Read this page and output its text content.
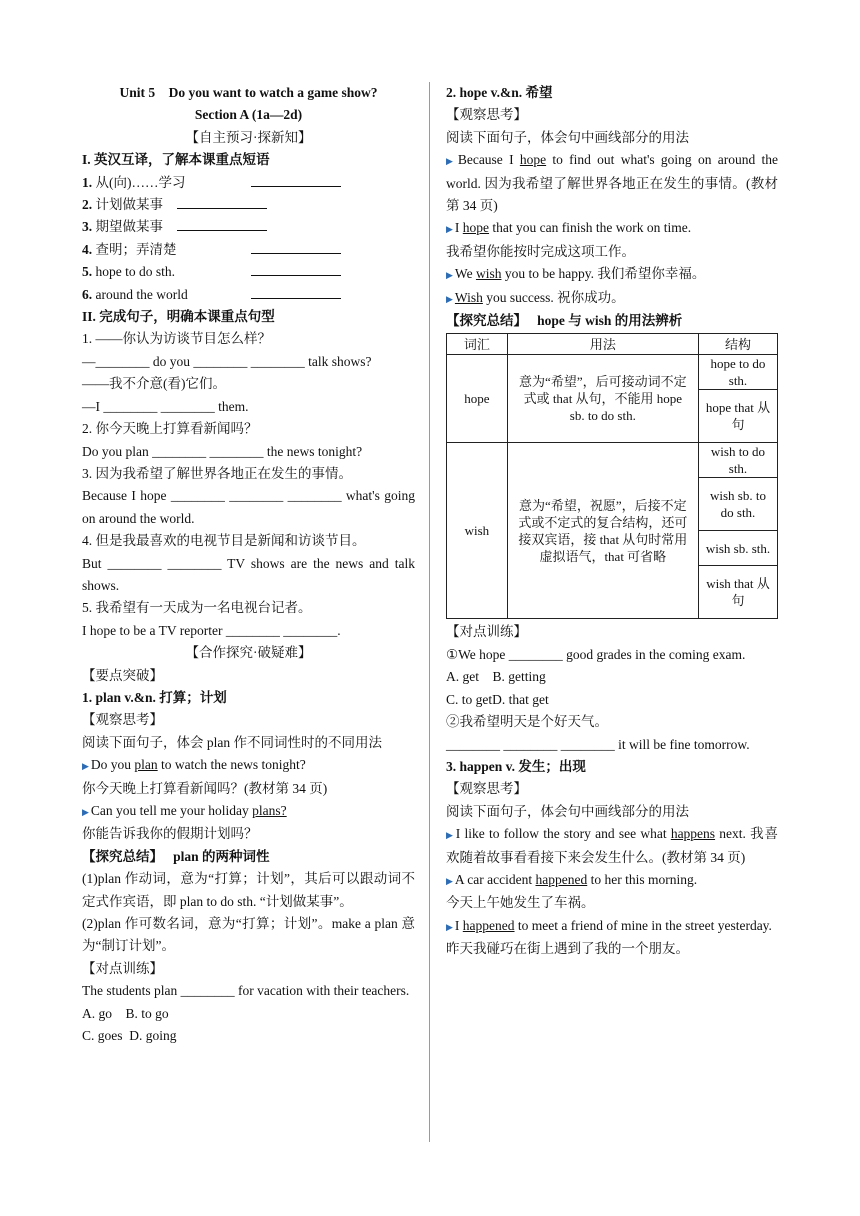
Unit 5　Do you want to watch a game show?
Section A (1a—2d)
【自主预习·探新知】
I. 英汉互译，了解本课重点短语
1. 从(向)……学习
2. 计划做某事　
3. 期望做某事　
4. 查明；弄清楚
5. hope to do sth.
6. around the world
II. 完成句子，明确本课重点句型
1. ——你认为访谈节目怎么样？
—________ do you ________ ________ talk shows?
——我不介意(看)它们。
—I ________ ________ them.
2. 你今天晚上打算看新闻吗？
Do you plan ________ ________ the news tonight?
3. 因为我希望了解世界各地正在发生的事情。
Because I hope ________ ________ ________ what's going on around the world.
4. 但是我最喜欢的电视节目是新闻和访谈节目。
But ________ ________ TV shows are the news and talk shows.
5. 我希望有一天成为一名电视台记者。
I hope to be a TV reporter ________ ________.
【合作探究·破疑难】
【要点突破】
1. plan v.&n. 打算；计划
【观察思考】
阅读下面句子，体会 plan 作不同词性时的不同用法
▶ Do you plan to watch the news tonight?
你今天晚上打算看新闻吗？(教材第 34 页)
▶ Can you tell me your holiday plans?
你能告诉我你的假期计划吗？
【探究总结】　 plan 的两种词性
(1)plan 作动词，意为“打算；计划”，其后可以跟动词不定式作宾语，即 plan to do sth. “计划做某事”。
(2)plan 作可数名词，意为“打算；计划”。make a plan 意为“制订计划”。
【对点训练】
The students plan ________ for vacation with their teachers.
A. go　 B. to go
C. goes D. going
2. hope v.&n. 希望
【观察思考】
阅读下面句子，体会句中画线部分的用法
▶ Because I hope to find out what's going on around the world. 因为我希望了解世界各地正在发生的事情。(教材第 34 页)
▶ I hope that you can finish the work on time.
我希望你能按时完成这项工作。
▶ We wish you to be happy. 我们希望你幸福。
▶ Wish you success. 祝你成功。
【探究总结】　 hope 与 wish 的用法辨析
词汇	用法	结构
hope	意为“希望”，后可接动词不定式或 that 从句，不能用 hope sb. to do sth.	hope to do sth.
		hope that 从句
wish	意为“希望，祝愿”，后接不定式或不定式的复合结构，还可接双宾语，接 that 从句时常用虚拟语气，that 可省略	wish to do sth.
		wish sb. to do sth.
		wish sb. sth.
		wish that 从句
【对点训练】
①We hope ________ good grades in the coming exam.
A. get　 B. getting
C. to getD. that get
②我希望明天是个好天气。
________ ________ ________ it will be fine tomorrow.
3. happen v. 发生；出现
【观察思考】
阅读下面句子，体会句中画线部分的用法
▶ I like to follow the story and see what happens next. 我喜欢随着故事看看接下来会发生什么。(教材第 34 页)
▶ A car accident happened to her this morning.
今天上午她发生了车祸。
▶ I happened to meet a friend of mine in the street yesterday.
昨天我碰巧在街上遇到了我的一个朋友。
